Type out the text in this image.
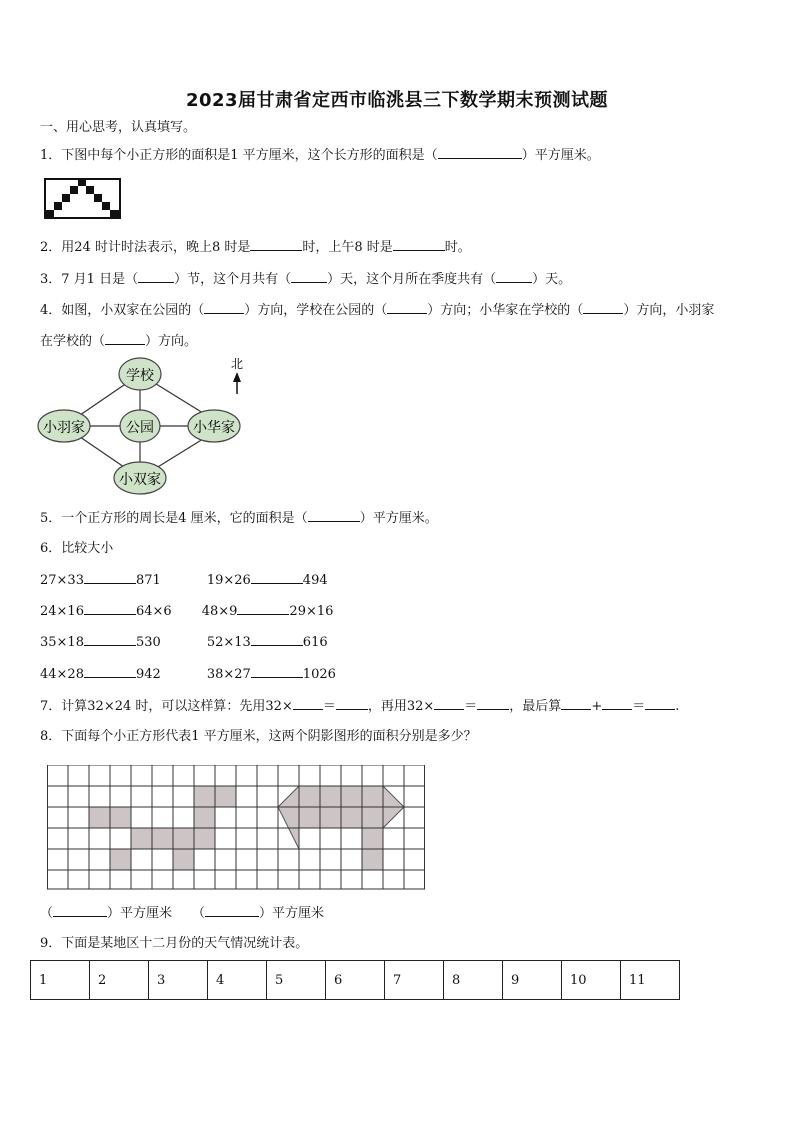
2023届甘肃省定西市临洮县三下数学期末预测试题
一、用心思考，认真填写。
1．下图中每个小正方形的面积是1 平方厘米，这个长方形的面积是（	）平方厘米。
2．用24 时计时法表示，晚上8 时是	时，上午8 时是	时。
3．7 月1 日是（	）节，这个月共有（	）天，这个月所在季度共有（	）天。
4．如图，小双家在公园的（	）方向，学校在公园的（	）方向；小华家在学校的（	）方向，小羽家
在学校的（	）方向。
学校
公园
小羽家	小华家
小双家
北
5．一个正方形的周长是4 厘米，它的面积是（	）平方厘米。
6．比较大小
27×33	871	19×26	494
24×16	64×6 48×9	29×16
35×18	530	52×13	616
44×28	942	38×27	1026
7．计算32×24 时，可以这样算：先用32× ＝ ，再用32× ＝ ，最后算 + ＝ .
8．下面每个小正方形代表1 平方厘米，这两个阴影图形的面积分别是多少？
（	）平方厘米 （	）平方厘米
9．下面是某地区十二月份的天气情况统计表。
1	2	3	4	5	6	7	8	9	10	11
